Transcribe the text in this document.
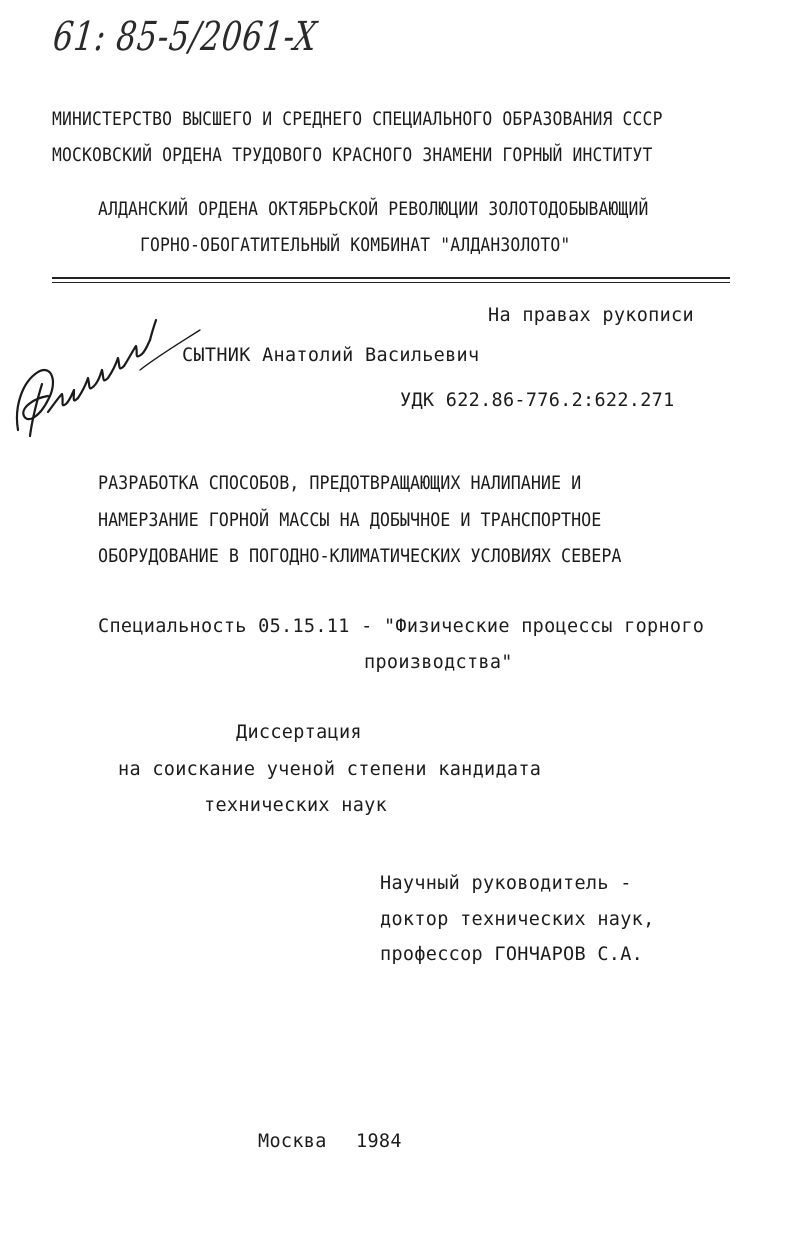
61: 85-5/2061-X
МИНИСТЕРСТВО ВЫСШЕГО И СРЕДНЕГО СПЕЦИАЛЬНОГО ОБРАЗОВАНИЯ СССР
МОСКОВСКИЙ ОРДЕНА ТРУДОВОГО КРАСНОГО ЗНАМЕНИ ГОРНЫЙ ИНСТИТУТ
АЛДАНСКИЙ ОРДЕНА ОКТЯБРЬСКОЙ РЕВОЛЮЦИИ ЗОЛОТОДОБЫВАЮЩИЙ
ГОРНО-ОБОГАТИТЕЛЬНЫЙ КОМБИНАТ "АЛДАНЗОЛОТО"
На правах рукописи
СЫТНИК Анатолий Васильевич
УДК 622.86-776.2:622.271
РАЗРАБОТКА СПОСОБОВ, ПРЕДОТВРАЩАЮЩИХ НАЛИПАНИЕ И
НАМЕРЗАНИЕ ГОРНОЙ МАССЫ НА ДОБЫЧНОЕ И ТРАНСПОРТНОЕ
ОБОРУДОВАНИЕ В ПОГОДНО-КЛИМАТИЧЕСКИХ УСЛОВИЯХ СЕВЕРА
Специальность 05.15.11 - "Физические процессы горного
производства"
Диссертация
на соискание ученой степени кандидата
технических наук
Научный руководитель -
доктор технических наук,
профессор ГОНЧАРОВ С.А.
Москва 1984
